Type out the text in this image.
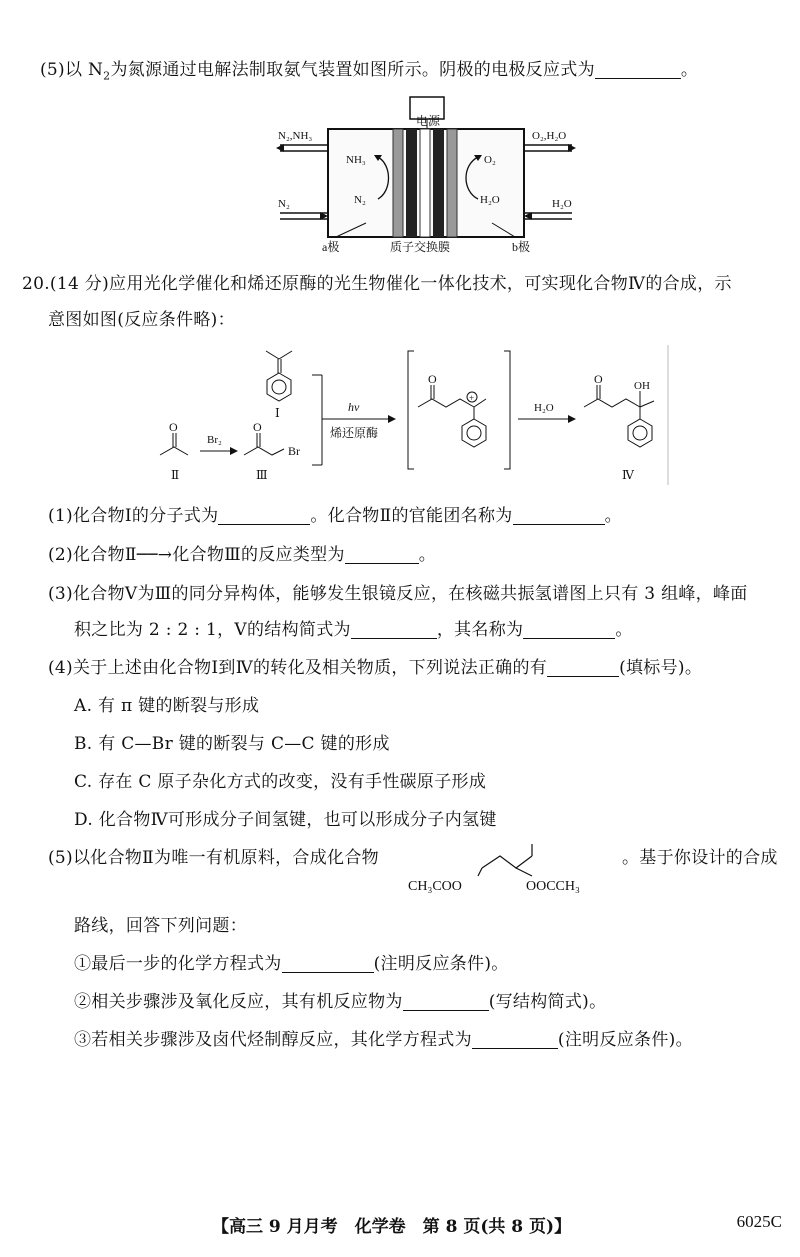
(5)以 $N_2$为氮源通过电解法制取氨气装置如图所示。阴极的电极反应式为	。
电源
N₂,NH₃
N₂
O₂,H₂O
H₂O
NH₃
N₂
O₂
H₂O
a极	质子交换膜	b极
20.(14 分)应用光化学催化和烯还原酶的光生物催化一体化技术，可实现化合物Ⅳ的合成，示
意图如图(反应条件略)：
Ⅰ
O
Ⅱ
Br₂
O
Br
Ⅲ
hv
烯还原酶
O
+
H₂O
O	OH
Ⅳ
(1)化合物Ⅰ的分子式为	。化合物Ⅱ的官能团名称为	。
(2)化合物Ⅱ──→化合物Ⅲ的反应类型为	。
(3)化合物Ⅴ为Ⅲ的同分异构体，能够发生银镜反应，在核磁共振氢谱图上只有 3 组峰，峰面
积之比为 2 : 2 : 1，Ⅴ的结构简式为	，其名称为	。
(4)关于上述由化合物Ⅰ到Ⅳ的转化及相关物质，下列说法正确的有	(填标号)。
A. 有 π 键的断裂与形成
B. 有 C—Br 键的断裂与 C—C 键的形成
C. 存在 C 原子杂化方式的改变，没有手性碳原子形成
D. 化合物Ⅳ可形成分子间氢键，也可以形成分子内氢键
(5)以化合物Ⅱ为唯一有机原料，合成化合物
CH₃COO	OOCCH₃
。基于你设计的合成
路线，回答下列问题：
①最后一步的化学方程式为	(注明反应条件)。
②相关步骤涉及氧化反应，其有机反应物为	(写结构简式)。
③若相关步骤涉及卤代烃制醇反应，其化学方程式为	(注明反应条件)。
【高三 9 月月考　化学卷　第 8 页(共 8 页)】	6025C
